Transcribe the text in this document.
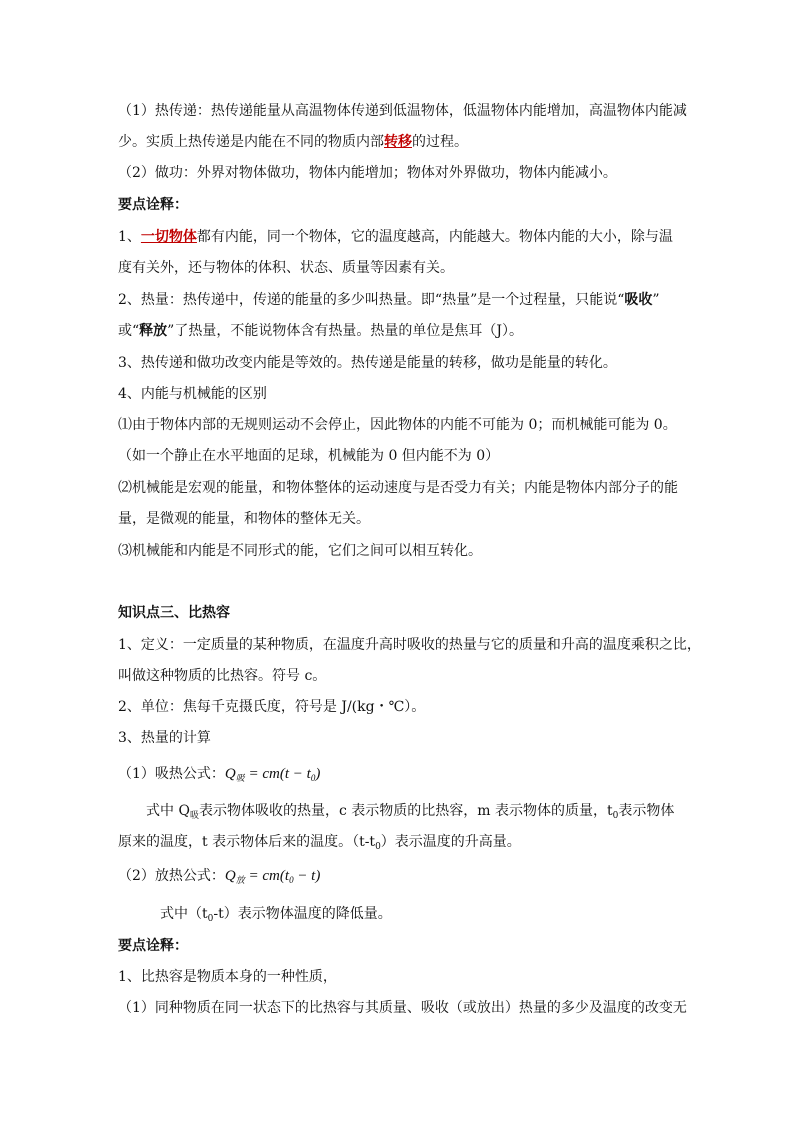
（1）热传递：热传递能量从高温物体传递到低温物体，低温物体内能增加，高温物体内能减
少。实质上热传递是内能在不同的物质内部转移的过程。
（2）做功：外界对物体做功，物体内能增加；物体对外界做功，物体内能减小。
要点诠释：
1、一切物体都有内能，同一个物体，它的温度越高，内能越大。物体内能的大小，除与温
度有关外，还与物体的体积、状态、质量等因素有关。
2、热量：热传递中，传递的能量的多少叫热量。即“热量”是一个过程量，只能说“吸收”
或“释放”了热量，不能说物体含有热量。热量的单位是焦耳（J）。
3、热传递和做功改变内能是等效的。热传递是能量的转移，做功是能量的转化。
4、内能与机械能的区别
⑴由于物体内部的无规则运动不会停止，因此物体的内能不可能为 0；而机械能可能为 0。
（如一个静止在水平地面的足球，机械能为 0 但内能不为 0）
⑵机械能是宏观的能量，和物体整体的运动速度与是否受力有关；内能是物体内部分子的能
量，是微观的能量，和物体的整体无关。
⑶机械能和内能是不同形式的能，它们之间可以相互转化。
知识点三、比热容
1、定义：一定质量的某种物质，在温度升高时吸收的热量与它的质量和升高的温度乘积之比，
叫做这种物质的比热容。符号 c。
2、单位：焦每千克摄氏度，符号是 J/(kg・℃）。
3、热量的计算
（1）吸热公式：$Q_吸 = cm(t - t_0)$
式中 $Q_吸$表示物体吸收的热量，c 表示物质的比热容，m 表示物体的质量，$t_0$表示物体
原来的温度，t 表示物体后来的温度。$(t-t_0)$表示温度的升高量。
（2）放热公式：$Q_放 = cm(t_0 - t)$
式中$(t_0-t)$表示物体温度的降低量。
要点诠释：
1、比热容是物质本身的一种性质，
（1）同种物质在同一状态下的比热容与其质量、吸收（或放出）热量的多少及温度的改变无
